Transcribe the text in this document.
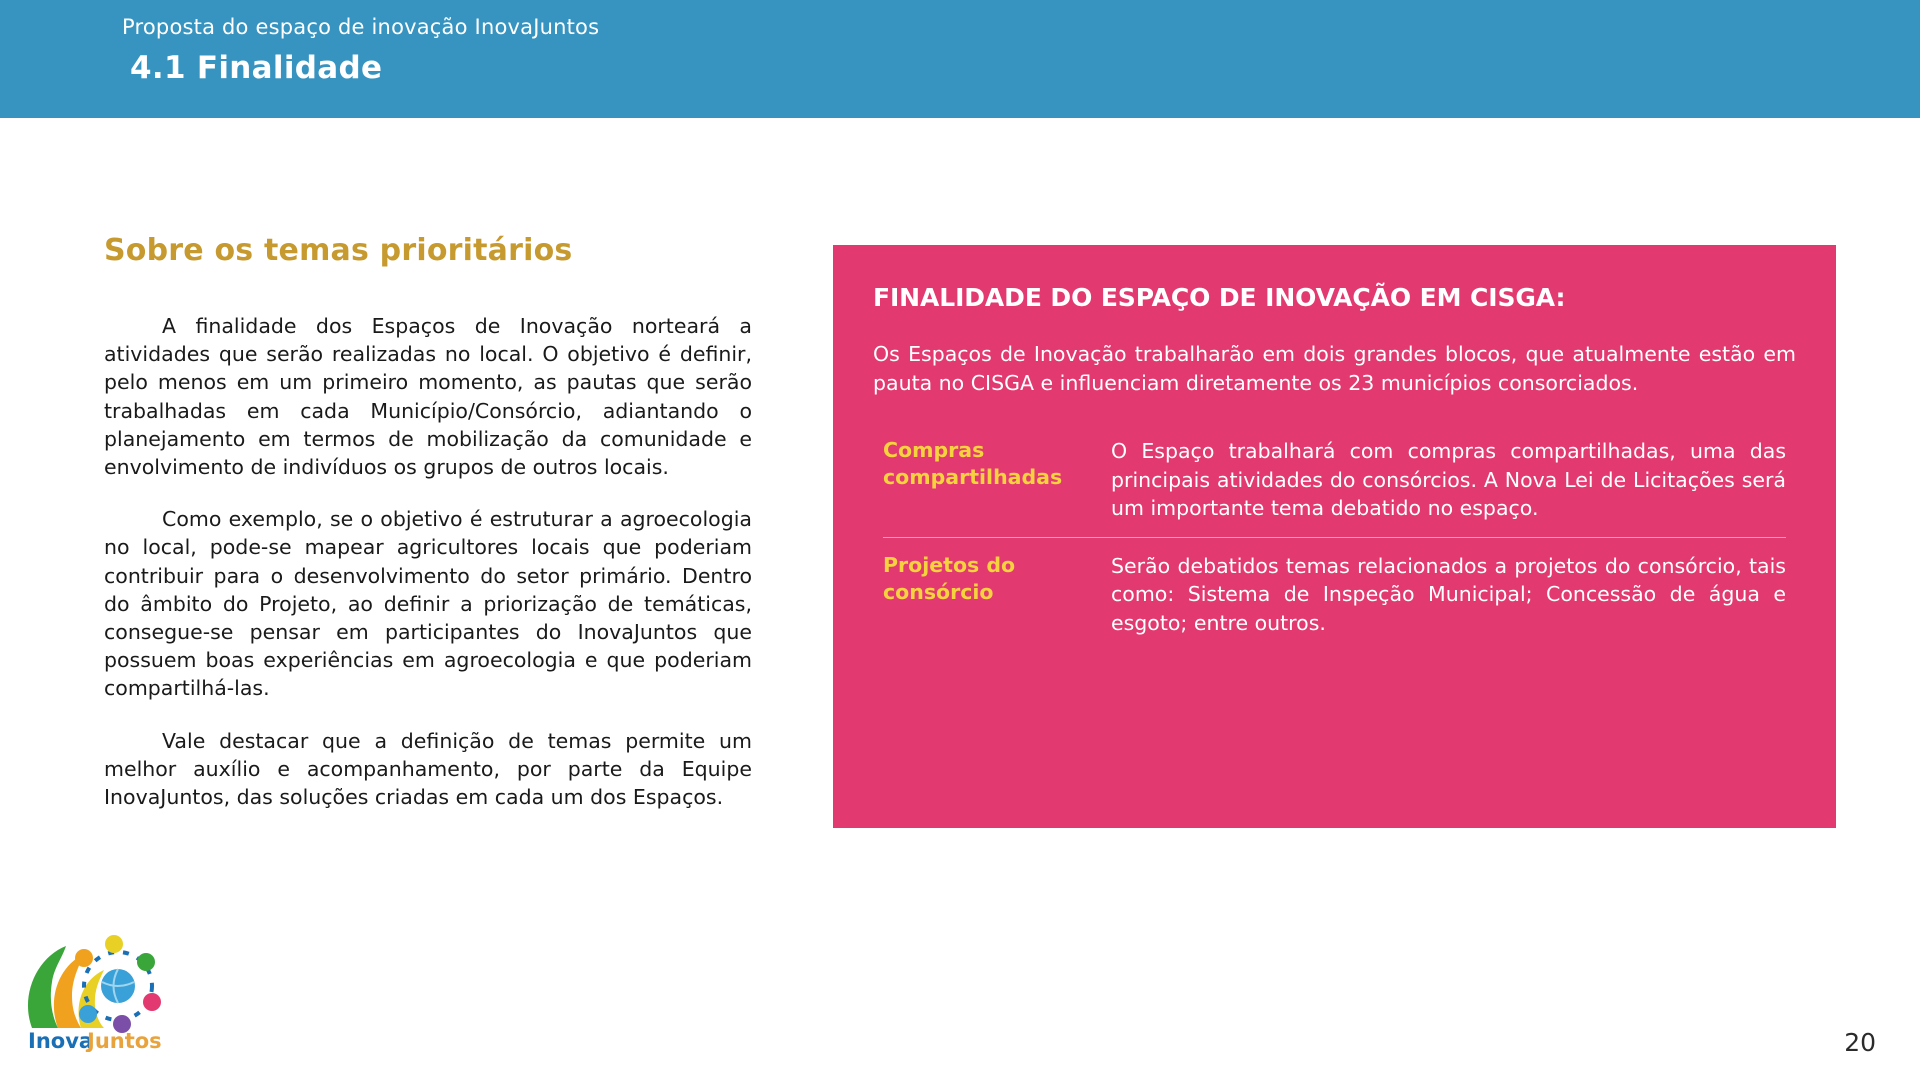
Proposta do espaço de inovação InovaJuntos
4.1 Finalidade
Sobre os temas prioritários

A finalidade dos Espaços de Inovação norteará a atividades que serão realizadas no local. O objetivo é definir, pelo menos em um primeiro momento, as pautas que serão trabalhadas em cada Município/Consórcio, adiantando o planejamento em termos de mobilização da comunidade e envolvimento de indivíduos os grupos de outros locais.

Como exemplo, se o objetivo é estruturar a agroecologia no local, pode-se mapear agricultores locais que poderiam contribuir para o desenvolvimento do setor primário. Dentro do âmbito do Projeto, ao definir a priorização de temáticas, consegue-se pensar em participantes do InovaJuntos que possuem boas experiências em agroecologia e que poderiam compartilhá-las.

Vale destacar que a definição de temas permite um melhor auxílio e acompanhamento, por parte da Equipe InovaJuntos, das soluções criadas em cada um dos Espaços.

FINALIDADE DO ESPAÇO DE INOVAÇÃO EM CISGA:
Os Espaços de Inovação trabalharão em dois grandes blocos, que atualmente estão em pauta no CISGA e influenciam diretamente os 23 municípios consorciados.
Compras compartilhadas
O Espaço trabalhará com compras compartilhadas, uma das principais atividades do consórcios. A Nova Lei de Licitações será um importante tema debatido no espaço.
Projetos do consórcio
Serão debatidos temas relacionados a projetos do consórcio, tais como: Sistema de Inspeção Municipal; Concessão de água e esgoto; entre outros.
Inova
Juntos	20
